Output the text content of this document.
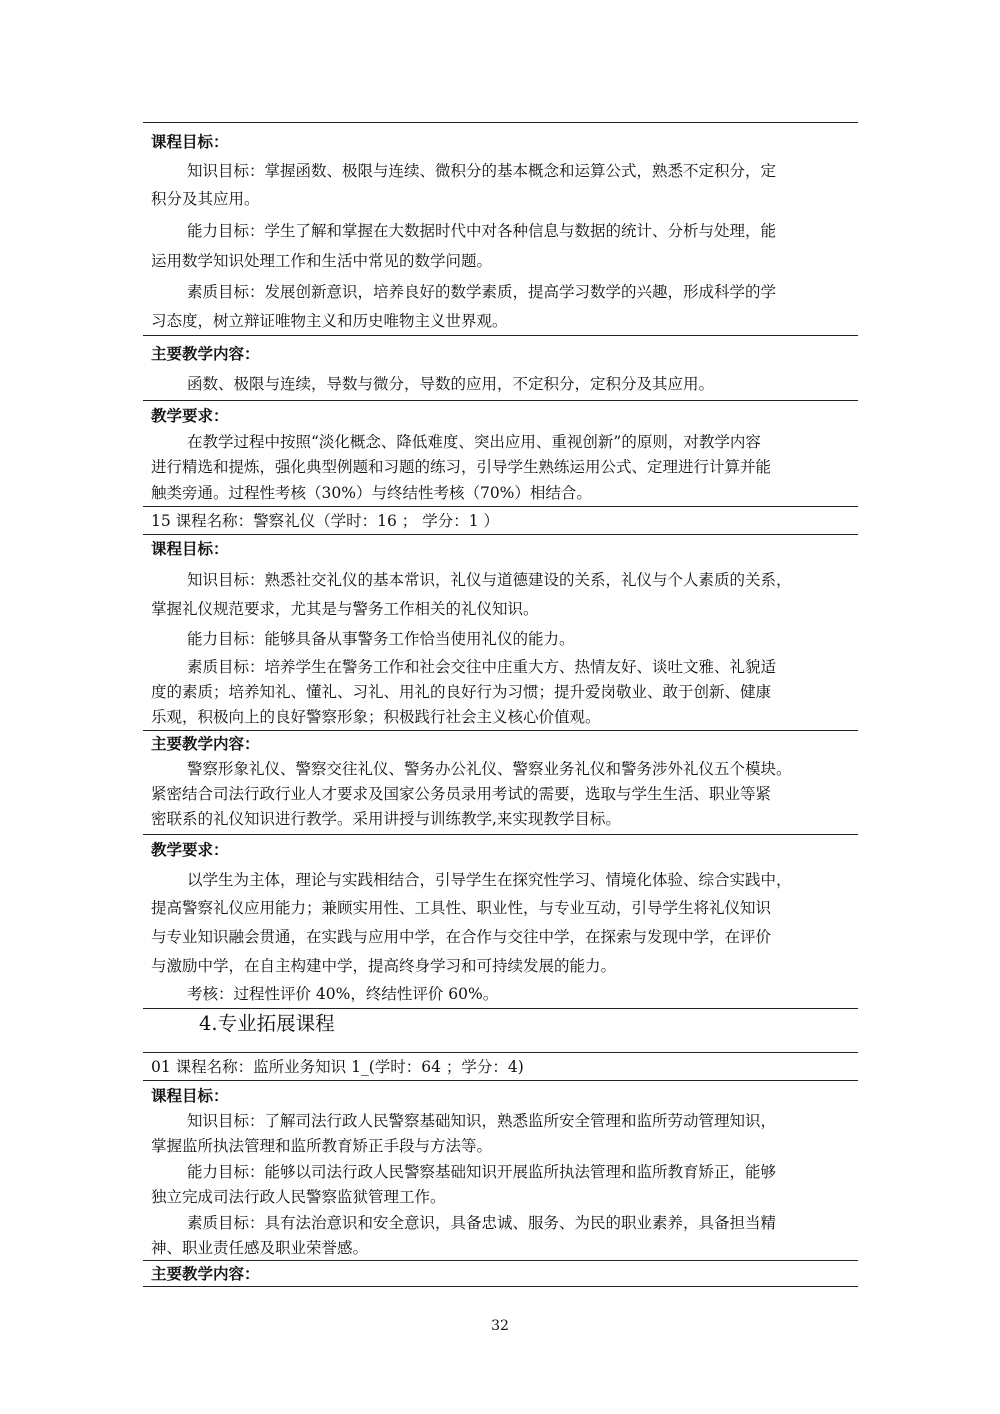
课程目标：
知识目标：掌握函数、极限与连续、微积分的基本概念和运算公式，熟悉不定积分，定
积分及其应用。
能力目标：学生了解和掌握在大数据时代中对各种信息与数据的统计、分析与处理，能
运用数学知识处理工作和生活中常见的数学问题。
素质目标：发展创新意识，培养良好的数学素质，提高学习数学的兴趣，形成科学的学
习态度，树立辩证唯物主义和历史唯物主义世界观。
主要教学内容：
函数、极限与连续，导数与微分，导数的应用，不定积分，定积分及其应用。
教学要求：
在教学过程中按照“淡化概念、降低难度、突出应用、重视创新”的原则，对教学内容
进行精选和提炼，强化典型例题和习题的练习，引导学生熟练运用公式、定理进行计算并能
触类旁通。过程性考核（30%）与终结性考核（70%）相结合。
15 课程名称：警察礼仪（学时：16 ； 学分：1 ）
课程目标：
知识目标：熟悉社交礼仪的基本常识，礼仪与道德建设的关系，礼仪与个人素质的关系，
掌握礼仪规范要求，尤其是与警务工作相关的礼仪知识。
能力目标：能够具备从事警务工作恰当使用礼仪的能力。
素质目标：培养学生在警务工作和社会交往中庄重大方、热情友好、谈吐文雅、礼貌适
度的素质；培养知礼、懂礼、习礼、用礼的良好行为习惯；提升爱岗敬业、敢于创新、健康
乐观，积极向上的良好警察形象；积极践行社会主义核心价值观。
主要教学内容：
警察形象礼仪、警察交往礼仪、警务办公礼仪、警察业务礼仪和警务涉外礼仪五个模块。
紧密结合司法行政行业人才要求及国家公务员录用考试的需要，选取与学生生活、职业等紧
密联系的礼仪知识进行教学。采用讲授与训练教学,来实现教学目标。
教学要求：
以学生为主体，理论与实践相结合，引导学生在探究性学习、情境化体验、综合实践中，
提高警察礼仪应用能力；兼顾实用性、工具性、职业性，与专业互动，引导学生将礼仪知识
与专业知识融会贯通，在实践与应用中学，在合作与交往中学，在探索与发现中学，在评价
与激励中学，在自主构建中学，提高终身学习和可持续发展的能力。
考核：过程性评价 40%，终结性评价 60%。
4.专业拓展课程
01 课程名称：监所业务知识 1_(学时：64 ；学分：4)
课程目标：
知识目标：了解司法行政人民警察基础知识，熟悉监所安全管理和监所劳动管理知识，
掌握监所执法管理和监所教育矫正手段与方法等。
能力目标：能够以司法行政人民警察基础知识开展监所执法管理和监所教育矫正，能够
独立完成司法行政人民警察监狱管理工作。
素质目标：具有法治意识和安全意识，具备忠诚、服务、为民的职业素养，具备担当精
神、职业责任感及职业荣誉感。
主要教学内容：
32
